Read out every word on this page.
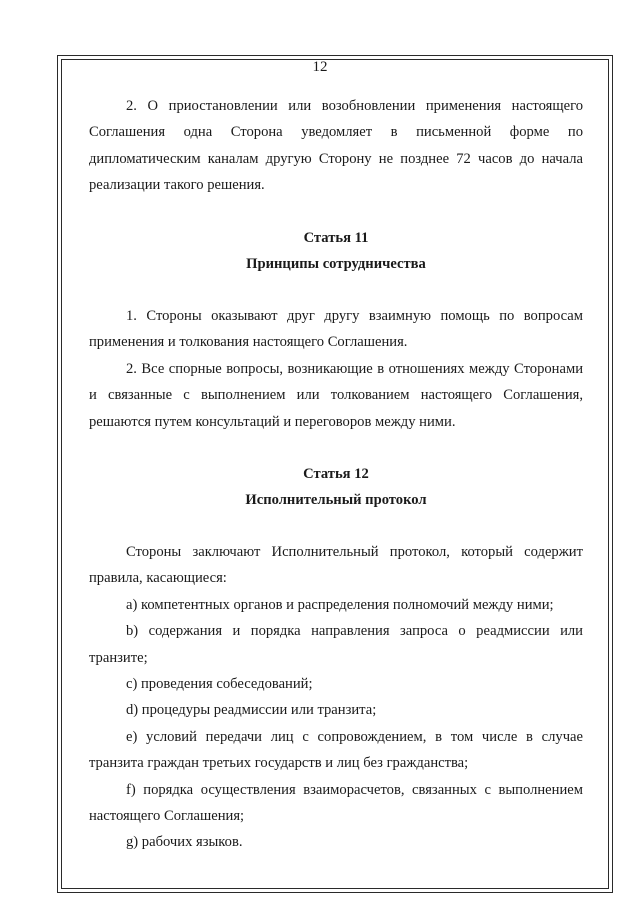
12

2. О приостановлении или возобновлении применения настоящего Соглашения одна Сторона уведомляет в письменной форме по дипломатическим каналам другую Сторону не позднее 72 часов до начала реализации такого решения.

Статья 11
Принципы сотрудничества

1. Стороны оказывают друг другу взаимную помощь по вопросам применения и толкования настоящего Соглашения.

2. Все спорные вопросы, возникающие в отношениях между Сторонами и связанные с выполнением или толкованием настоящего Соглашения, решаются путем консультаций и переговоров между ними.

Статья 12
Исполнительный протокол

Стороны заключают Исполнительный протокол, который содержит правила, касающиеся:

a) компетентных органов и распределения полномочий между ними;

b) содержания и порядка направления запроса о реадмиссии или транзите;

c) проведения собеседований;

d) процедуры реадмиссии или транзита;

e) условий передачи лиц с сопровождением, в том числе в случае транзита граждан третьих государств и лиц без гражданства;

f) порядка осуществления взаиморасчетов, связанных с выполнением настоящего Соглашения;

g) рабочих языков.
